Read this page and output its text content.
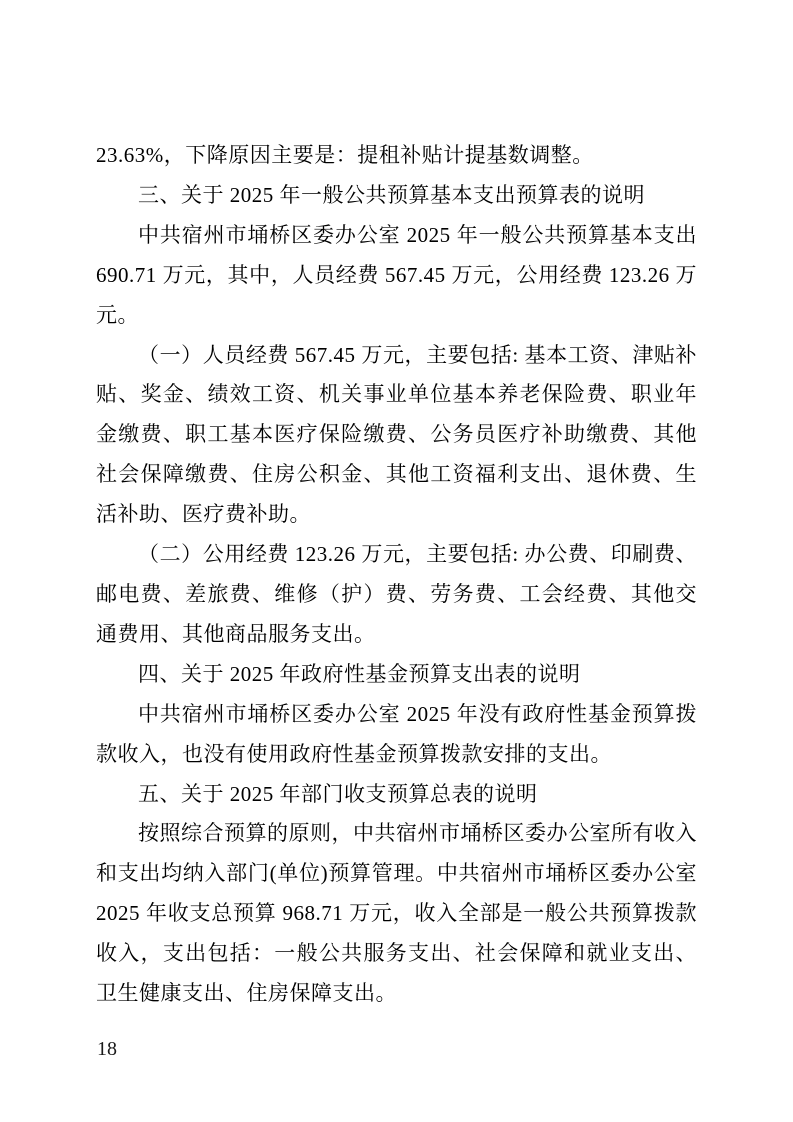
23.63%，下降原因主要是：提租补贴计提基数调整。

三、关于 2025 年一般公共预算基本支出预算表的说明

中共宿州市埇桥区委办公室 2025 年一般公共预算基本支出 690.71 万元，其中，人员经费 567.45 万元，公用经费 123.26 万元。

（一）人员经费 567.45 万元，主要包括: 基本工资、津贴补贴、奖金、绩效工资、机关事业单位基本养老保险费、职业年金缴费、职工基本医疗保险缴费、公务员医疗补助缴费、其他社会保障缴费、住房公积金、其他工资福利支出、退休费、生活补助、医疗费补助。

（二）公用经费 123.26 万元，主要包括: 办公费、印刷费、邮电费、差旅费、维修（护）费、劳务费、工会经费、其他交通费用、其他商品服务支出。

四、关于 2025 年政府性基金预算支出表的说明

中共宿州市埇桥区委办公室 2025 年没有政府性基金预算拨款收入，也没有使用政府性基金预算拨款安排的支出。

五、关于 2025 年部门收支预算总表的说明

按照综合预算的原则，中共宿州市埇桥区委办公室所有收入和支出均纳入部门(单位)预算管理。中共宿州市埇桥区委办公室 2025 年收支总预算 968.71 万元，收入全部是一般公共预算拨款收入，支出包括：一般公共服务支出、社会保障和就业支出、卫生健康支出、住房保障支出。

18
